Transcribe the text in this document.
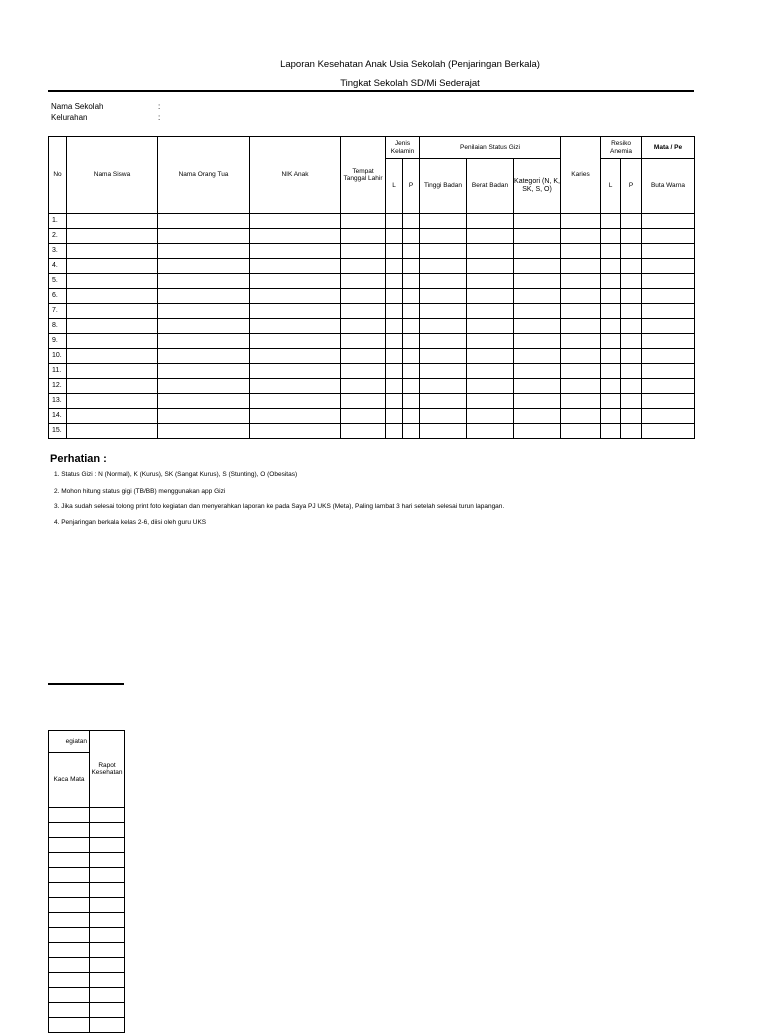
Laporan Kesehatan Anak Usia Sekolah (Penjaringan Berkala)
Tingkat Sekolah SD/Mi Sederajat
Nama Sekolah	:
Kelurahan	:
No	Nama Siswa	Nama Orang Tua	NIK Anak	Tempat Tanggal Lahir	Jenis Kelamin		Penilaian Status Gizi			Karies	Resiko Anemia		Mata / Pe
					L	P	Tinggi Badan	Berat Badan	Kategori (N, K, SK, S, O)		L	P	Buta Warna
1.													
2.													
3.													
4.													
5.													
6.													
7.													
8.													
9.													
10.													
11.													
12.													
13.													
14.													
15.													
Perhatian :
1. Status Gizi : N (Normal), K (Kurus), SK (Sangat Kurus), S (Stunting), O (Obesitas)
2. Mohon hitung status gigi (TB/BB) menggunakan app Gizi
3. Jika sudah selesai tolong print foto kegiatan dan menyerahkan laporan ke pada Saya PJ UKS (Meta), Paling lambat 3 hari setelah selesai turun lapangan.
4. Penjaringan berkala kelas 2-6, diisi oleh guru UKS
egiatan	Rapot Kesehatan
Kaca Mata	
